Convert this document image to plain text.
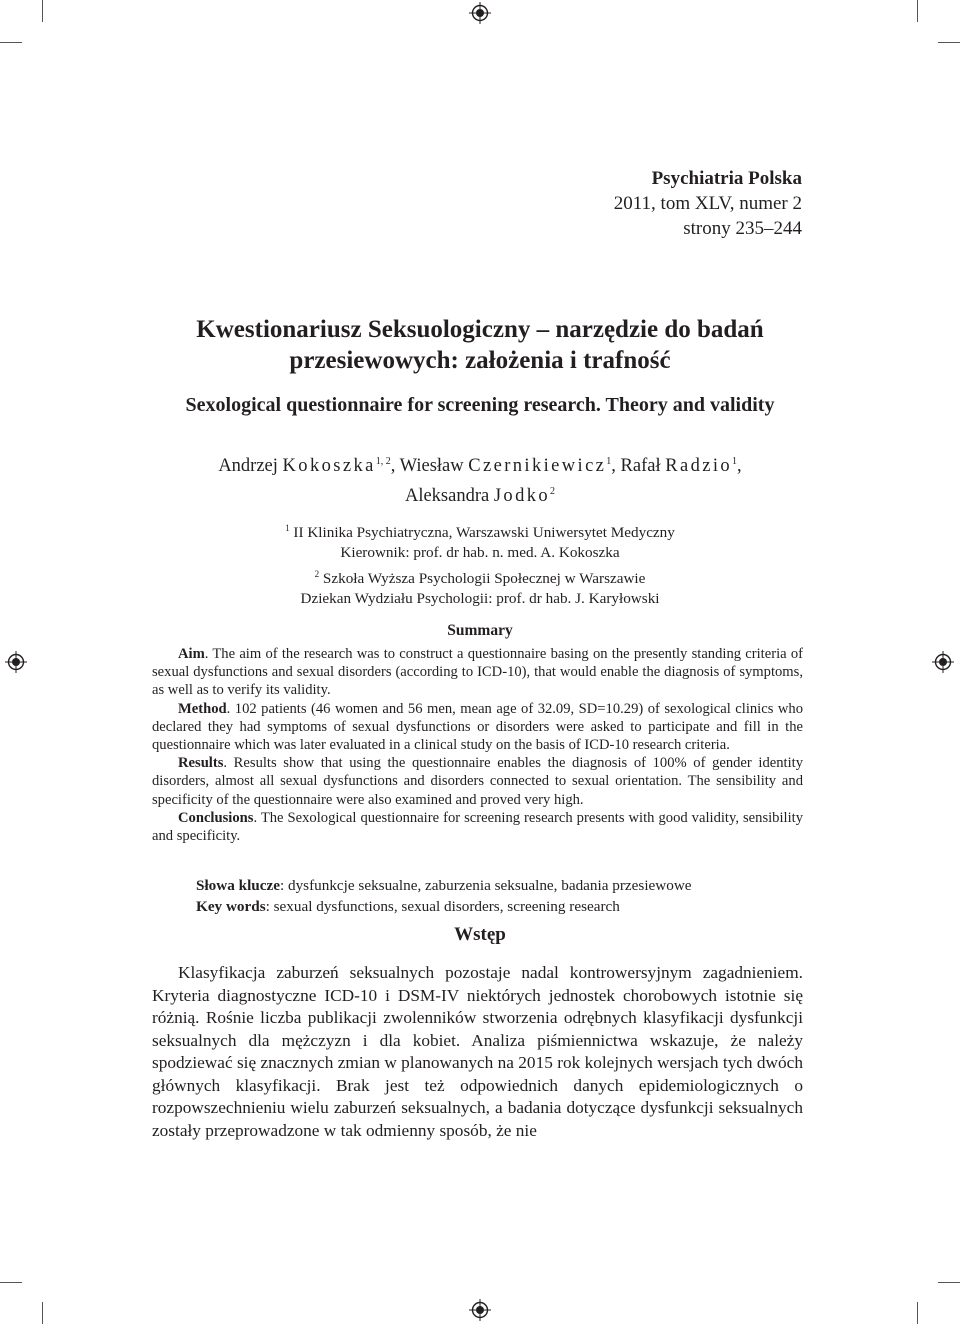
Psychiatria Polska
2011, tom XLV, numer 2
strony 235–244
Kwestionariusz Seksuologiczny – narzędzie do badań
przesiewowych: założenia i trafność
Sexological questionnaire for screening research. Theory and validity
Andrzej Kokoszka$^{1, 2}$, Wiesław Czernikiewicz$^1$, Rafał Radzio$^1$,
Aleksandra Jodko$^2$
$^1$ II Klinika Psychiatryczna, Warszawski Uniwersytet Medyczny
Kierownik: prof. dr hab. n. med. A. Kokoszka
$^2$ Szkoła Wyższa Psychologii Społecznej w Warszawie
Dziekan Wydziału Psychologii: prof. dr hab. J. Karyłowski
Summary

Aim. The aim of the research was to construct a questionnaire basing on the presently standing criteria of sexual dysfunctions and sexual disorders (according to ICD-10), that would enable the diagnosis of symptoms, as well as to verify its validity.

Method. 102 patients (46 women and 56 men, mean age of 32.09, SD=10.29) of sexological clinics who declared they had symptoms of sexual dysfunctions or disorders were asked to participate and fill in the questionnaire which was later evaluated in a clinical study on the basis of ICD-10 research criteria.

Results. Results show that using the questionnaire enables the diagnosis of 100% of gender identity disorders, almost all sexual dysfunctions and disorders connected to sexual orientation. The sensibility and specificity of the questionnaire were also examined and proved very high.

Conclusions. The Sexological questionnaire for screening research presents with good validity, sensibility and specificity.

Słowa klucze: dysfunkcje seksualne, zaburzenia seksualne, badania przesiewowe

Key words: sexual dysfunctions, sexual disorders, screening research

Wstęp

Klasyfikacja zaburzeń seksualnych pozostaje nadal kontrowersyjnym zagadnieniem. Kryteria diagnostyczne ICD-10 i DSM-IV niektórych jednostek chorobowych istotnie się różnią. Rośnie liczba publikacji zwolenników stworzenia odrębnych klasyfikacji dysfunkcji seksualnych dla mężczyzn i dla kobiet. Analiza piśmiennictwa wskazuje, że należy spodziewać się znacznych zmian w planowanych na 2015 rok kolejnych wersjach tych dwóch głównych klasyfikacji. Brak jest też odpowiednich danych epidemiologicznych o rozpowszechnieniu wielu zaburzeń seksualnych, a badania dotyczące dysfunkcji seksualnych zostały przeprowadzone w tak odmienny sposób, że nie
